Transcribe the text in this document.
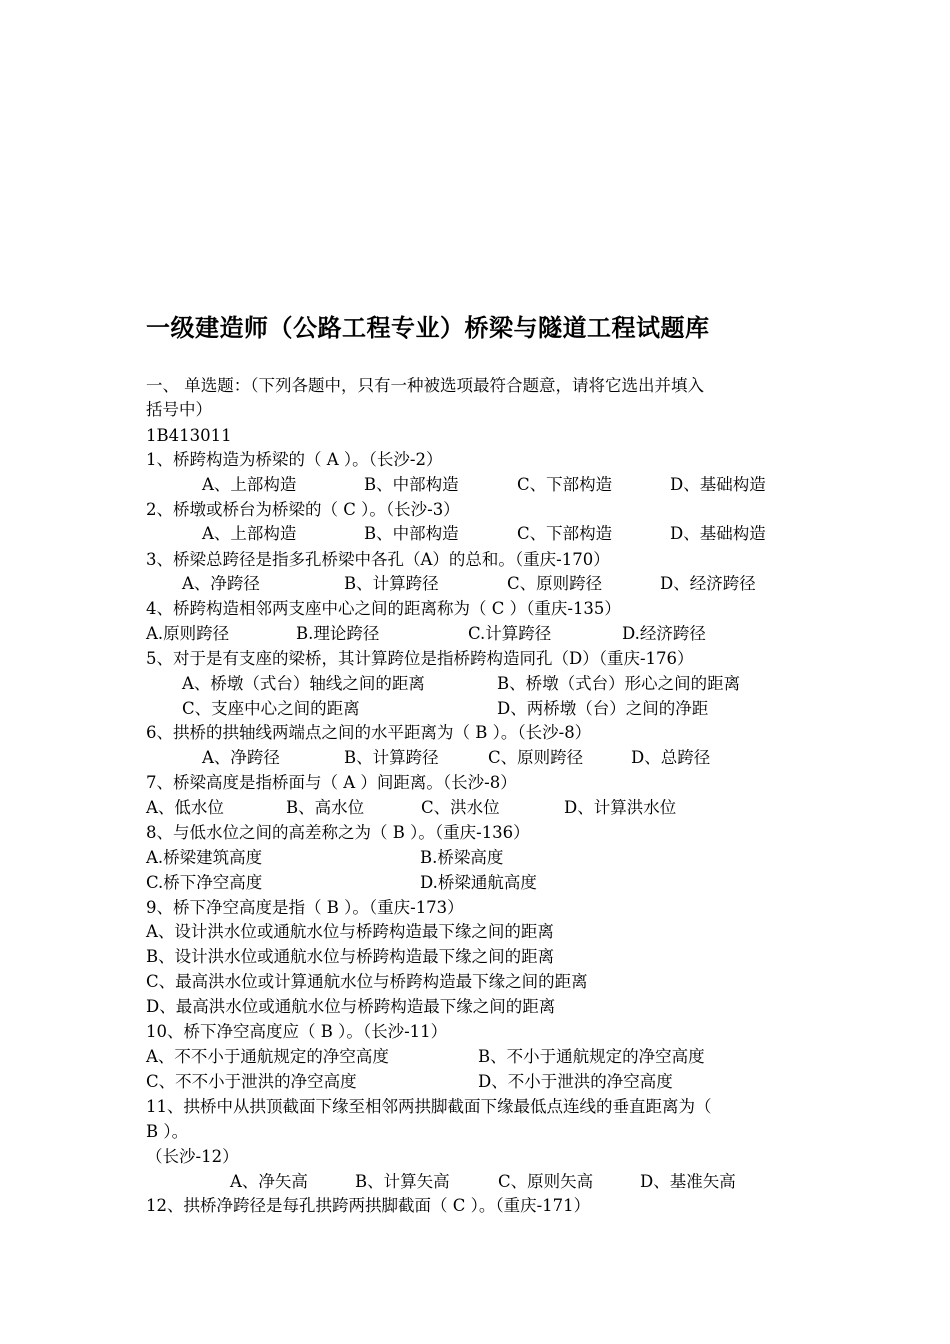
一级建造师（公路工程专业）桥梁与隧道工程试题库
一、 单选题：（下列各题中，只有一种被选项最符合题意，请将它选出并填入
括号中）
1B413011
1、桥跨构造为桥梁的（ A ）。（长沙-2）
A、上部构造	B、中部构造	C、下部构造	D、基础构造
2、桥墩或桥台为桥梁的（ C ）。（长沙-3）
A、上部构造	B、中部构造	C、下部构造	D、基础构造
3、桥梁总跨径是指多孔桥梁中各孔（A）的总和。（重庆-170）
A、净跨径	B、计算跨径	C、原则跨径	D、经济跨径
4、桥跨构造相邻两支座中心之间的距离称为（ C ）（重庆-135）
A.原则跨径	B.理论跨径	C.计算跨径	D.经济跨径
5、对于是有支座的梁桥，其计算跨位是指桥跨构造同孔（D）（重庆-176）
A、桥墩（式台）轴线之间的距离	B、桥墩（式台）形心之间的距离
C、支座中心之间的距离	D、两桥墩（台）之间的净距
6、拱桥的拱轴线两端点之间的水平距离为（ B ）。（长沙-8）
A、净跨径	B、计算跨径	C、原则跨径	D、总跨径
7、桥梁高度是指桥面与（ A ）间距离。（长沙-8）
A、低水位	B、高水位	C、洪水位	D、计算洪水位
8、与低水位之间的高差称之为（ B ）。（重庆-136）
A.桥梁建筑高度	B.桥梁高度
C.桥下净空高度	D.桥梁通航高度
9、桥下净空高度是指（ B ）。（重庆-173）
A、设计洪水位或通航水位与桥跨构造最下缘之间的距离
B、设计洪水位或通航水位与桥跨构造最下缘之间的距离
C、最高洪水位或计算通航水位与桥跨构造最下缘之间的距离
D、最高洪水位或通航水位与桥跨构造最下缘之间的距离
10、桥下净空高度应（ B ）。（长沙-11）
A、不不小于通航规定的净空高度	B、不小于通航规定的净空高度
C、不不小于泄洪的净空高度	D、不小于泄洪的净空高度
11、拱桥中从拱顶截面下缘至相邻两拱脚截面下缘最低点连线的垂直距离为（
B ）。
（长沙-12）
A、净矢高	B、计算矢高	C、原则矢高	D、基准矢高
12、拱桥净跨径是每孔拱跨两拱脚截面（ C ）。（重庆-171）
